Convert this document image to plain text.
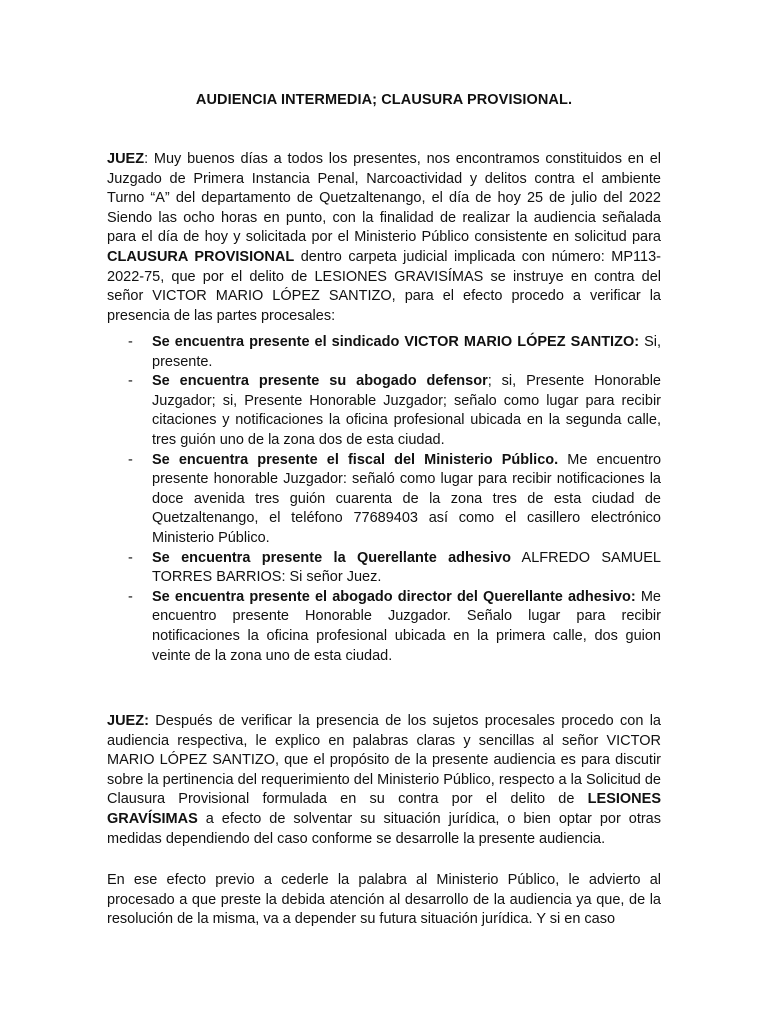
AUDIENCIA INTERMEDIA; CLAUSURA PROVISIONAL.

JUEZ: Muy buenos días a todos los presentes, nos encontramos constituidos en el Juzgado de Primera Instancia Penal, Narcoactividad y delitos contra el ambiente Turno “A” del departamento de Quetzaltenango, el día de hoy 25 de julio del 2022 Siendo las ocho horas en punto, con la finalidad de realizar la audiencia señalada para el día de hoy y solicitada por el Ministerio Público consistente en solicitud para CLAUSURA PROVISIONAL dentro carpeta judicial implicada con número: MP113-2022-75, que por el delito de LESIONES GRAVISÍMAS se instruye en contra del señor VICTOR MARIO LÓPEZ SANTIZO, para el efecto procedo a verificar la presencia de las partes procesales:

- Se encuentra presente el sindicado VICTOR MARIO LÓPEZ SANTIZO: Si, presente.
- Se encuentra presente su abogado defensor; si, Presente Honorable Juzgador; si, Presente Honorable Juzgador; señalo como lugar para recibir citaciones y notificaciones la oficina profesional ubicada en la segunda calle, tres guión uno de la zona dos de esta ciudad.
- Se encuentra presente el fiscal del Ministerio Público. Me encuentro presente honorable Juzgador: señaló como lugar para recibir notificaciones la doce avenida tres guión cuarenta de la zona tres de esta ciudad de Quetzaltenango, el teléfono 77689403 así como el casillero electrónico Ministerio Público.
- Se encuentra presente la Querellante adhesivo ALFREDO SAMUEL TORRES BARRIOS: Si señor Juez.
- Se encuentra presente el abogado director del Querellante adhesivo: Me encuentro presente Honorable Juzgador. Señalo lugar para recibir notificaciones la oficina profesional ubicada en la primera calle, dos guion veinte de la zona uno de esta ciudad.

JUEZ: Después de verificar la presencia de los sujetos procesales procedo con la audiencia respectiva, le explico en palabras claras y sencillas al señor VICTOR MARIO LÓPEZ SANTIZO, que el propósito de la presente audiencia es para discutir sobre la pertinencia del requerimiento del Ministerio Público, respecto a la Solicitud de Clausura Provisional formulada en su contra por el delito de LESIONES GRAVÍSIMAS a efecto de solventar su situación jurídica, o bien optar por otras medidas dependiendo del caso conforme se desarrolle la presente audiencia.

En ese efecto previo a cederle la palabra al Ministerio Público, le advierto al procesado a que preste la debida atención al desarrollo de la audiencia ya que, de la resolución de la misma, va a depender su futura situación jurídica. Y si en caso
